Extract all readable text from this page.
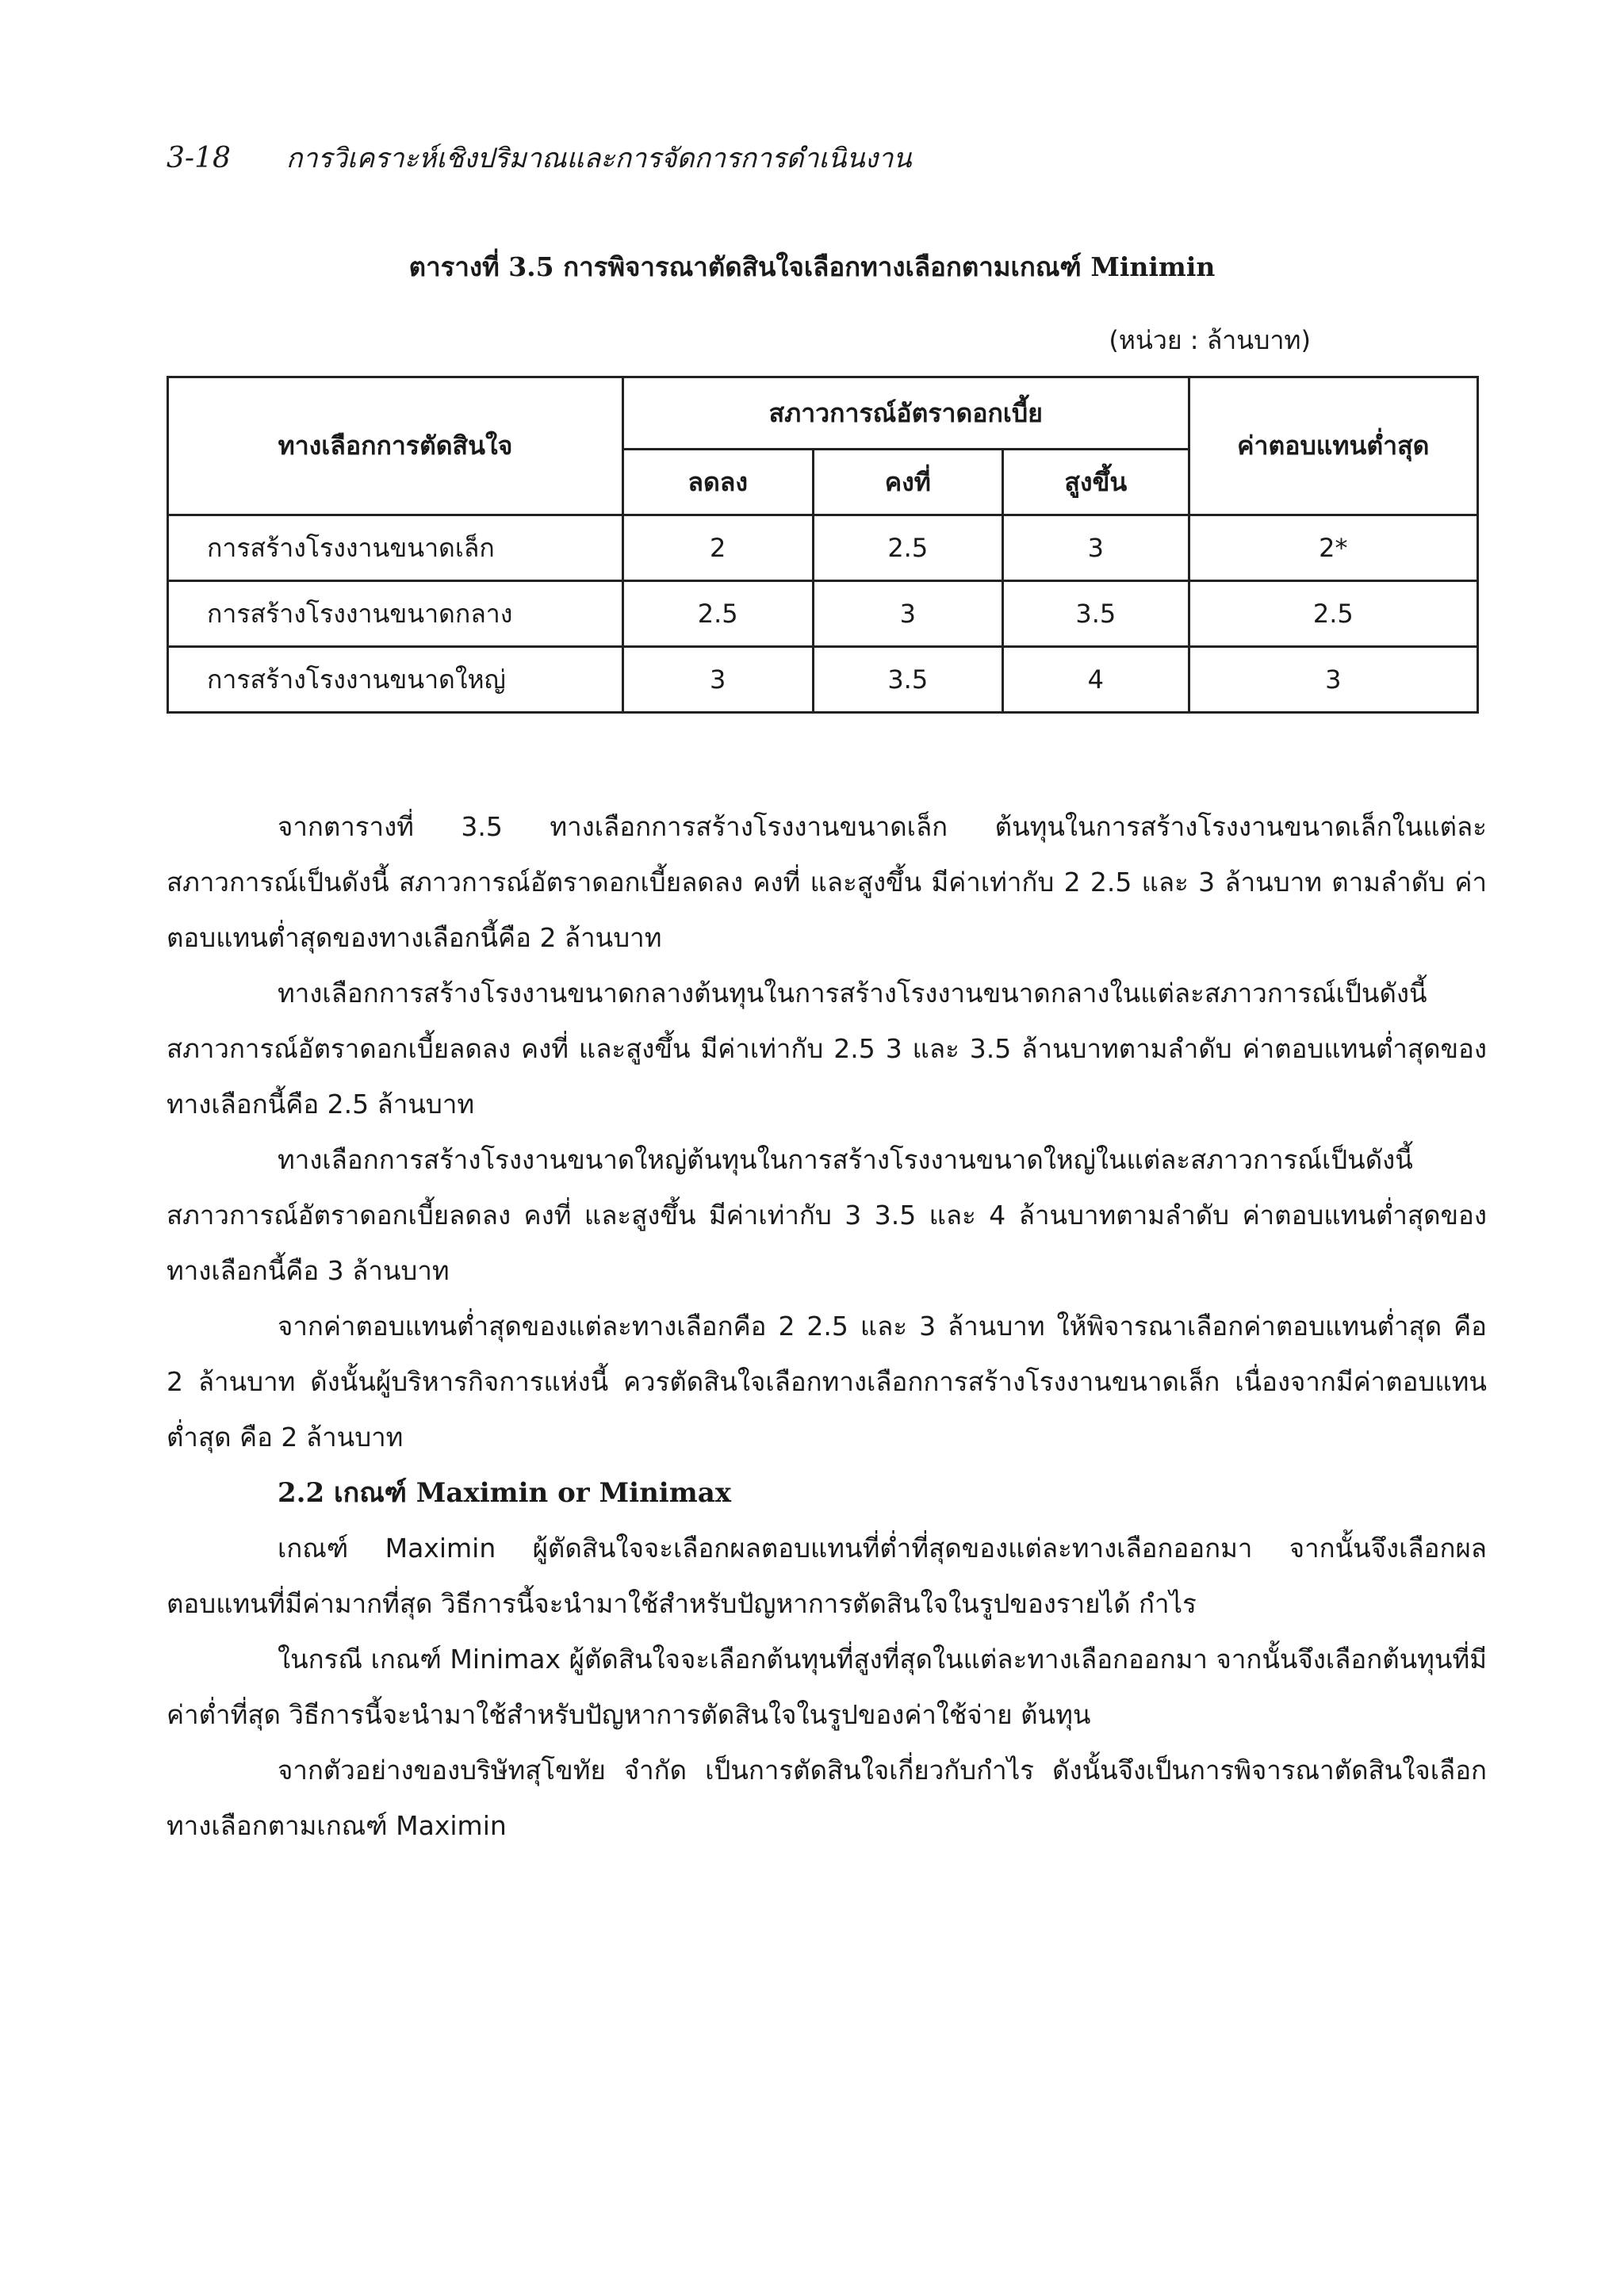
3-18 การวิเคราะห์เชิงปริมาณและการจัดการการดำเนินงาน
ตารางที่ 3.5 การพิจารณาตัดสินใจเลือกทางเลือกตามเกณฑ์ Minimin
(หน่วย : ล้านบาท)
ทางเลือกการตัดสินใจ	สภาวการณ์อัตราดอกเบี้ย			ค่าตอบแทนต่ำสุด
	ลดลง	คงที่	สูงขึ้น	
การสร้างโรงงานขนาดเล็ก	2	2.5	3	2*
การสร้างโรงงานขนาดกลาง	2.5	3	3.5	2.5
การสร้างโรงงานขนาดใหญ่	3	3.5	4	3

จากตารางที่ 3.5 ทางเลือกการสร้างโรงงานขนาดเล็ก ต้นทุนในการสร้างโรงงานขนาดเล็กในแต่ละสภาวการณ์เป็นดังนี้ สภาวการณ์อัตราดอกเบี้ยลดลง คงที่ และสูงขึ้น มีค่าเท่ากับ 2 2.5 และ 3 ล้านบาท ตามลำดับ ค่าตอบแทนต่ำสุดของทางเลือกนี้คือ 2 ล้านบาท

ทางเลือกการสร้างโรงงานขนาดกลางต้นทุนในการสร้างโรงงานขนาดกลางในแต่ละสภาวการณ์เป็นดังนี้ สภาวการณ์อัตราดอกเบี้ยลดลง คงที่ และสูงขึ้น มีค่าเท่ากับ 2.5 3 และ 3.5 ล้านบาทตามลำดับ ค่าตอบแทนต่ำสุดของทางเลือกนี้คือ 2.5 ล้านบาท

ทางเลือกการสร้างโรงงานขนาดใหญ่ต้นทุนในการสร้างโรงงานขนาดใหญ่ในแต่ละสภาวการณ์เป็นดังนี้ สภาวการณ์อัตราดอกเบี้ยลดลง คงที่ และสูงขึ้น มีค่าเท่ากับ 3 3.5 และ 4 ล้านบาทตามลำดับ ค่าตอบแทนต่ำสุดของทางเลือกนี้คือ 3 ล้านบาท

จากค่าตอบแทนต่ำสุดของแต่ละทางเลือกคือ 2 2.5 และ 3 ล้านบาท ให้พิจารณาเลือกค่าตอบแทนต่ำสุด คือ 2 ล้านบาท ดังนั้นผู้บริหารกิจการแห่งนี้ ควรตัดสินใจเลือกทางเลือกการสร้างโรงงานขนาดเล็ก เนื่องจากมีค่าตอบแทนต่ำสุด คือ 2 ล้านบาท

2.2 เกณฑ์ Maximin or Minimax

เกณฑ์ Maximin ผู้ตัดสินใจจะเลือกผลตอบแทนที่ต่ำที่สุดของแต่ละทางเลือกออกมา จากนั้นจึงเลือกผลตอบแทนที่มีค่ามากที่สุด วิธีการนี้จะนำมาใช้สำหรับปัญหาการตัดสินใจในรูปของรายได้ กำไร

ในกรณี เกณฑ์ Minimax ผู้ตัดสินใจจะเลือกต้นทุนที่สูงที่สุดในแต่ละทางเลือกออกมา จากนั้นจึงเลือกต้นทุนที่มีค่าต่ำที่สุด วิธีการนี้จะนำมาใช้สำหรับปัญหาการตัดสินใจในรูปของค่าใช้จ่าย ต้นทุน

จากตัวอย่างของบริษัทสุโขทัย จำกัด เป็นการตัดสินใจเกี่ยวกับกำไร ดังนั้นจึงเป็นการพิจารณาตัดสินใจเลือกทางเลือกตามเกณฑ์ Maximin
